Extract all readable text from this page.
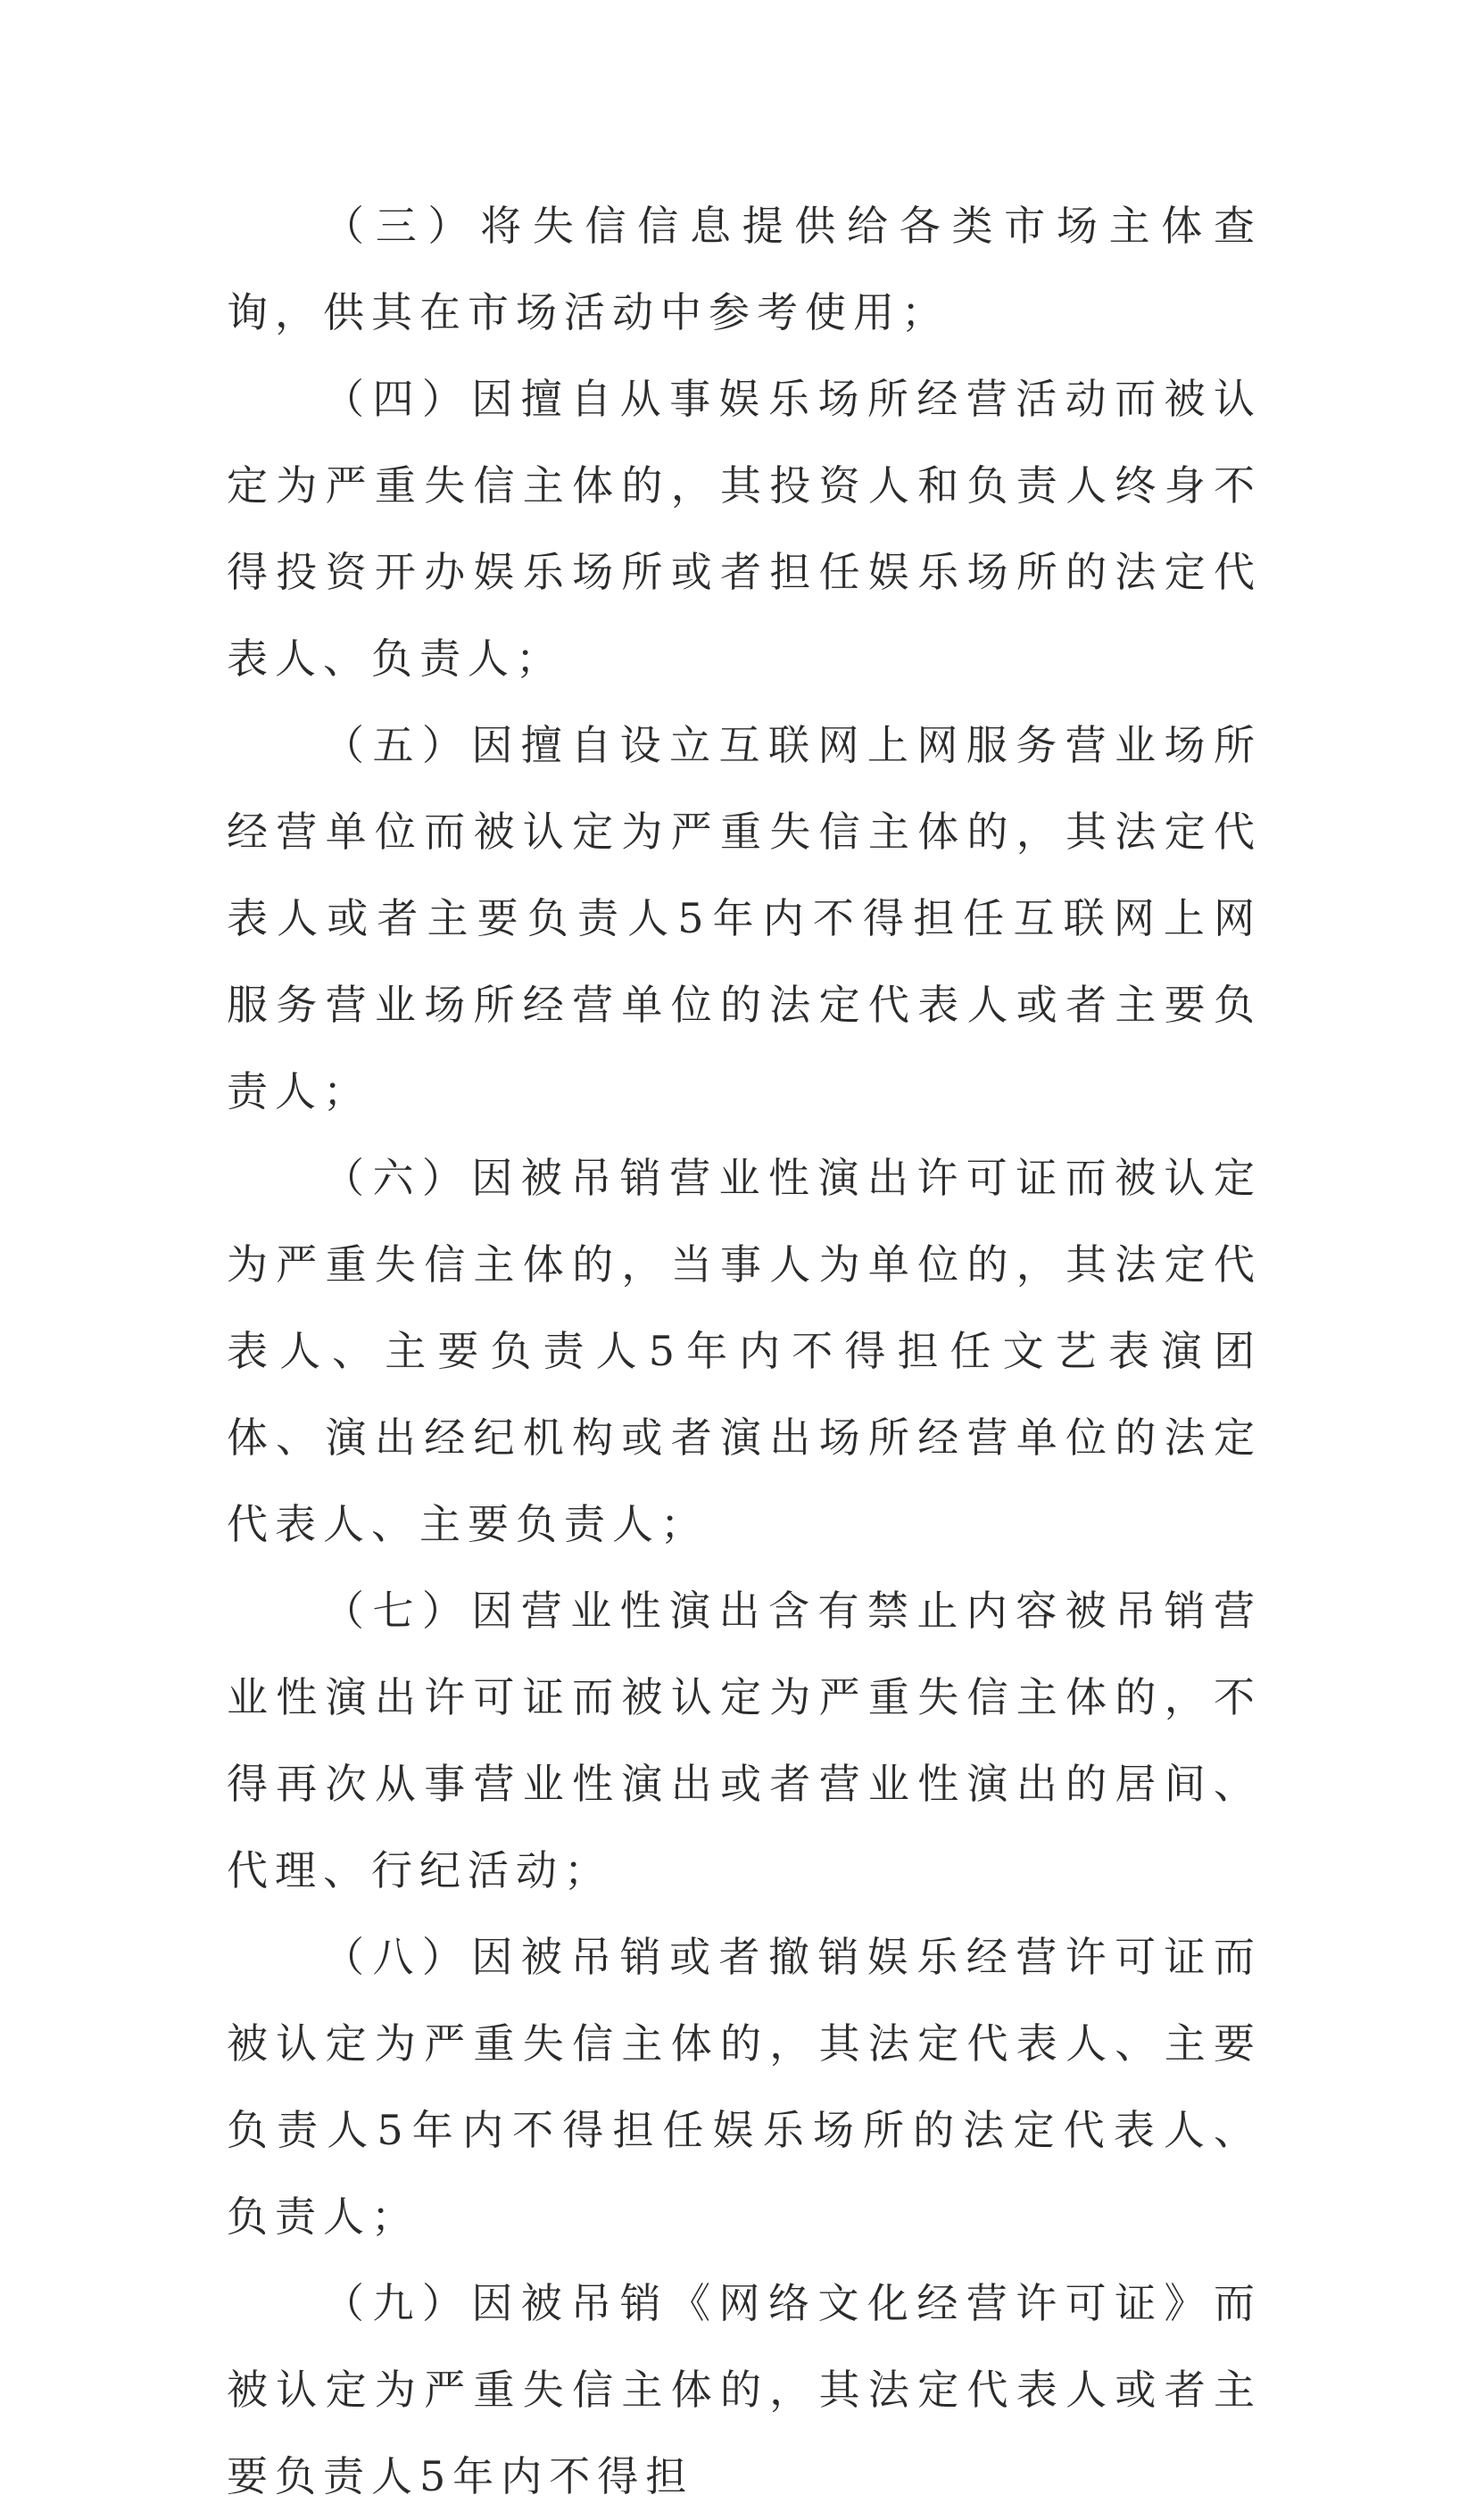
（三）将失信信息提供给各类市场主体查询，供其在市场活动中参考使用；

（四）因擅自从事娱乐场所经营活动而被认定为严重失信主体的，其投资人和负责人终身不得投资开办娱乐场所或者担任娱乐场所的法定代表人、负责人；

（五）因擅自设立互联网上网服务营业场所经营单位而被认定为严重失信主体的，其法定代表人或者主要负责人5年内不得担任互联网上网服务营业场所经营单位的法定代表人或者主要负责人；

（六）因被吊销营业性演出许可证而被认定为严重失信主体的，当事人为单位的，其法定代表人、主要负责人5年内不得担任文艺表演团体、演出经纪机构或者演出场所经营单位的法定代表人、主要负责人；

（七）因营业性演出含有禁止内容被吊销营业性演出许可证而被认定为严重失信主体的，不得再次从事营业性演出或者营业性演出的居间、代理、行纪活动；

（八）因被吊销或者撤销娱乐经营许可证而被认定为严重失信主体的，其法定代表人、主要负责人5年内不得担任娱乐场所的法定代表人、负责人；

（九）因被吊销《网络文化经营许可证》而被认定为严重失信主体的，其法定代表人或者主要负责人5年内不得担
